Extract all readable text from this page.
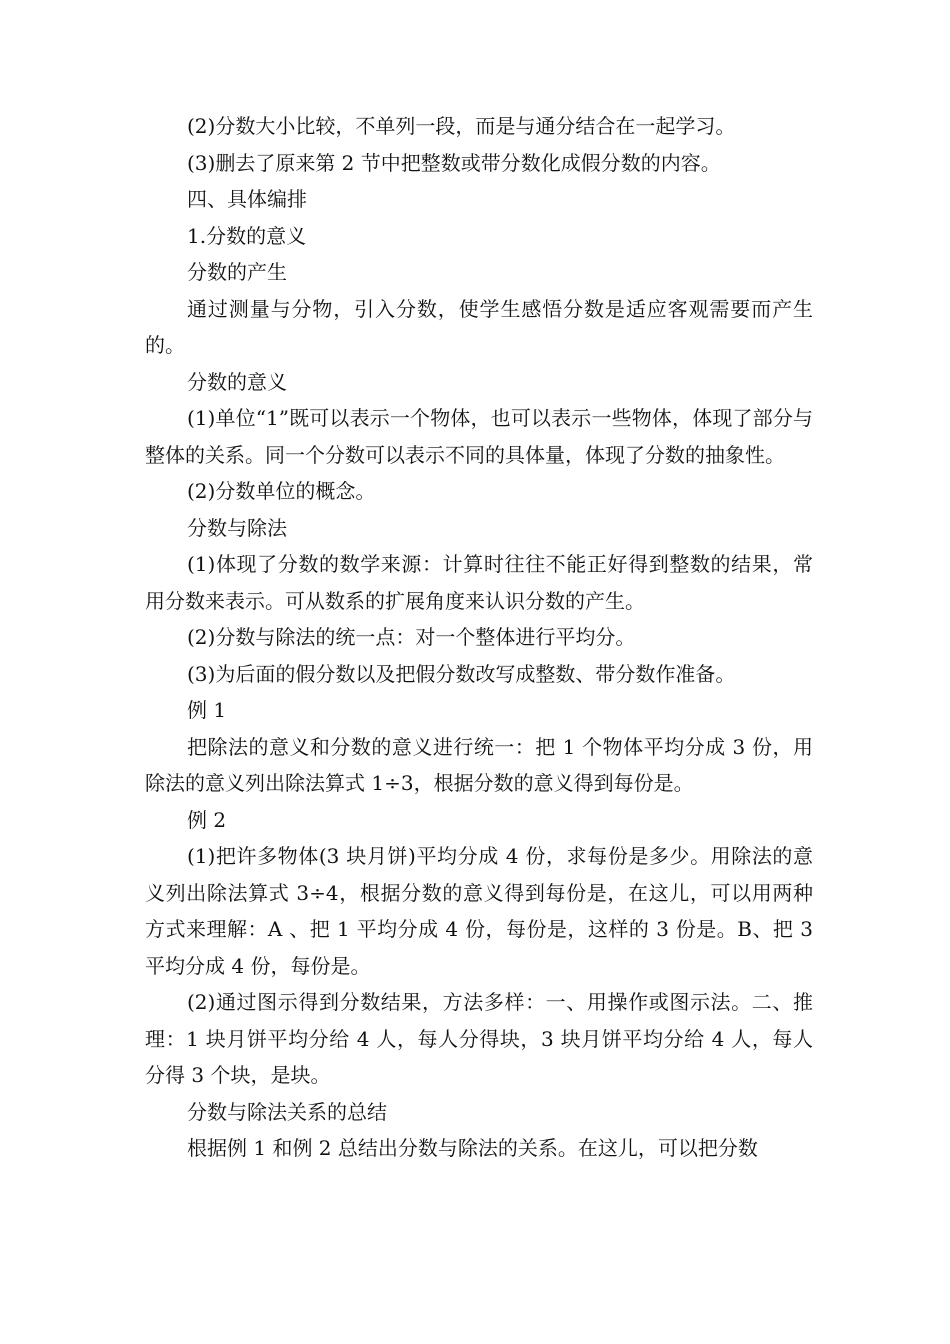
(2)分数大小比较，不单列一段，而是与通分结合在一起学习。

(3)删去了原来第 2 节中把整数或带分数化成假分数的内容。

四、具体编排

1.分数的意义

分数的产生

通过测量与分物，引入分数，使学生感悟分数是适应客观需要而产生的。

分数的意义

(1)单位“1”既可以表示一个物体，也可以表示一些物体，体现了部分与整体的关系。同一个分数可以表示不同的具体量，体现了分数的抽象性。

(2)分数单位的概念。

分数与除法

(1)体现了分数的数学来源：计算时往往不能正好得到整数的结果，常用分数来表示。可从数系的扩展角度来认识分数的产生。

(2)分数与除法的统一点：对一个整体进行平均分。

(3)为后面的假分数以及把假分数改写成整数、带分数作准备。

例 1

把除法的意义和分数的意义进行统一：把 1 个物体平均分成 3 份，用除法的意义列出除法算式 1÷3，根据分数的意义得到每份是。

例 2

(1)把许多物体(3 块月饼)平均分成 4 份，求每份是多少。用除法的意义列出除法算式 3÷4，根据分数的意义得到每份是，在这儿，可以用两种方式来理解：A 、把 1 平均分成 4 份，每份是，这样的 3 份是。B、把 3 平均分成 4 份，每份是。

(2)通过图示得到分数结果，方法多样：一、用操作或图示法。二、推理：1 块月饼平均分给 4 人，每人分得块，3 块月饼平均分给 4 人，每人分得 3 个块，是块。

分数与除法关系的总结

根据例 1 和例 2 总结出分数与除法的关系。在这儿，可以把分数
